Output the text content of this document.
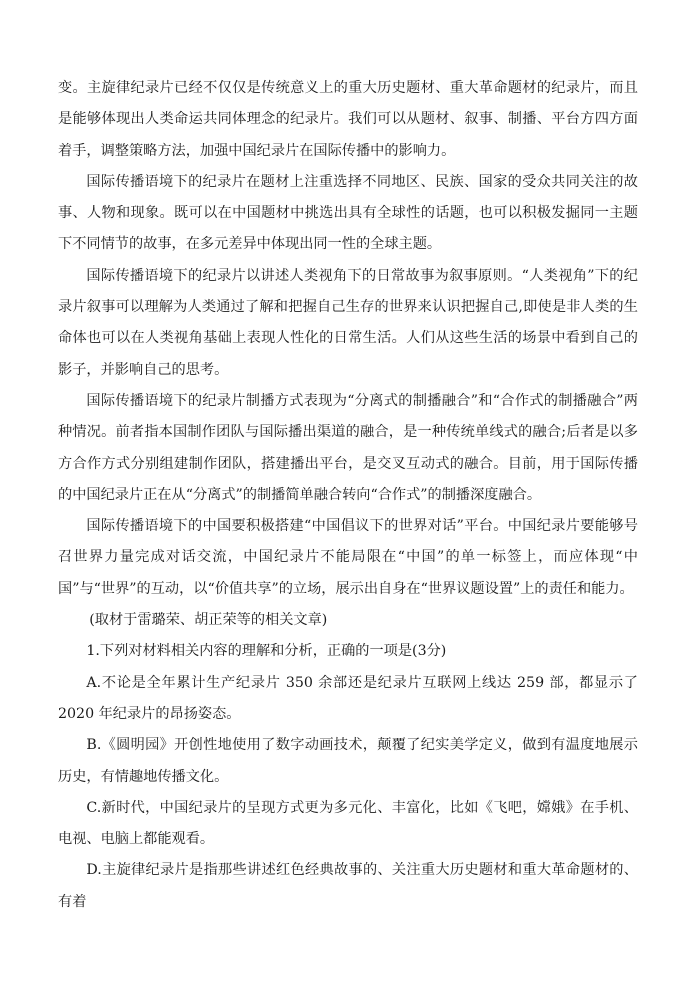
变。主旋律纪录片已经不仅仅是传统意义上的重大历史题材、重大革命题材的纪录片，而且是能够体现出人类命运共同体理念的纪录片。我们可以从题材、叙事、制播、平台方四方面着手，调整策略方法，加强中国纪录片在国际传播中的影响力。

国际传播语境下的纪录片在题材上注重选择不同地区、民族、国家的受众共同关注的故事、人物和现象。既可以在中国题材中挑选出具有全球性的话题，也可以积极发掘同一主题下不同情节的故事，在多元差异中体现出同一性的全球主题。

国际传播语境下的纪录片以讲述人类视角下的日常故事为叙事原则。“人类视角”下的纪录片叙事可以理解为人类通过了解和把握自己生存的世界来认识把握自己,即使是非人类的生命体也可以在人类视角基础上表现人性化的日常生活。人们从这些生活的场景中看到自己的影子，并影响自己的思考。

国际传播语境下的纪录片制播方式表现为“分离式的制播融合”和“合作式的制播融合”两种情况。前者指本国制作团队与国际播出渠道的融合，是一种传统单线式的融合;后者是以多方合作方式分别组建制作团队，搭建播出平台，是交叉互动式的融合。目前，用于国际传播的中国纪录片正在从“分离式”的制播简单融合转向“合作式”的制播深度融合。

国际传播语境下的中国要积极搭建“中国倡议下的世界对话”平台。中国纪录片要能够号召世界力量完成对话交流，中国纪录片不能局限在“中国”的单一标签上，而应体现“中国”与“世界”的互动，以“价值共享”的立场，展示出自身在“世界议题设置”上的责任和能力。

(取材于雷璐荣、胡正荣等的相关文章)

1.下列对材料相关内容的理解和分析，正确的一项是(3分)

A.不论是全年累计生产纪录片 350 余部还是纪录片互联网上线达 259 部，都显示了 2020 年纪录片的昂扬姿态。

B.《圆明园》开创性地使用了数字动画技术，颠覆了纪实美学定义，做到有温度地展示历史，有情趣地传播文化。

C.新时代，中国纪录片的呈现方式更为多元化、丰富化，比如《飞吧，嫦娥》在手机、电视、电脑上都能观看。

D.主旋律纪录片是指那些讲述红色经典故事的、关注重大历史题材和重大革命题材的、有着
